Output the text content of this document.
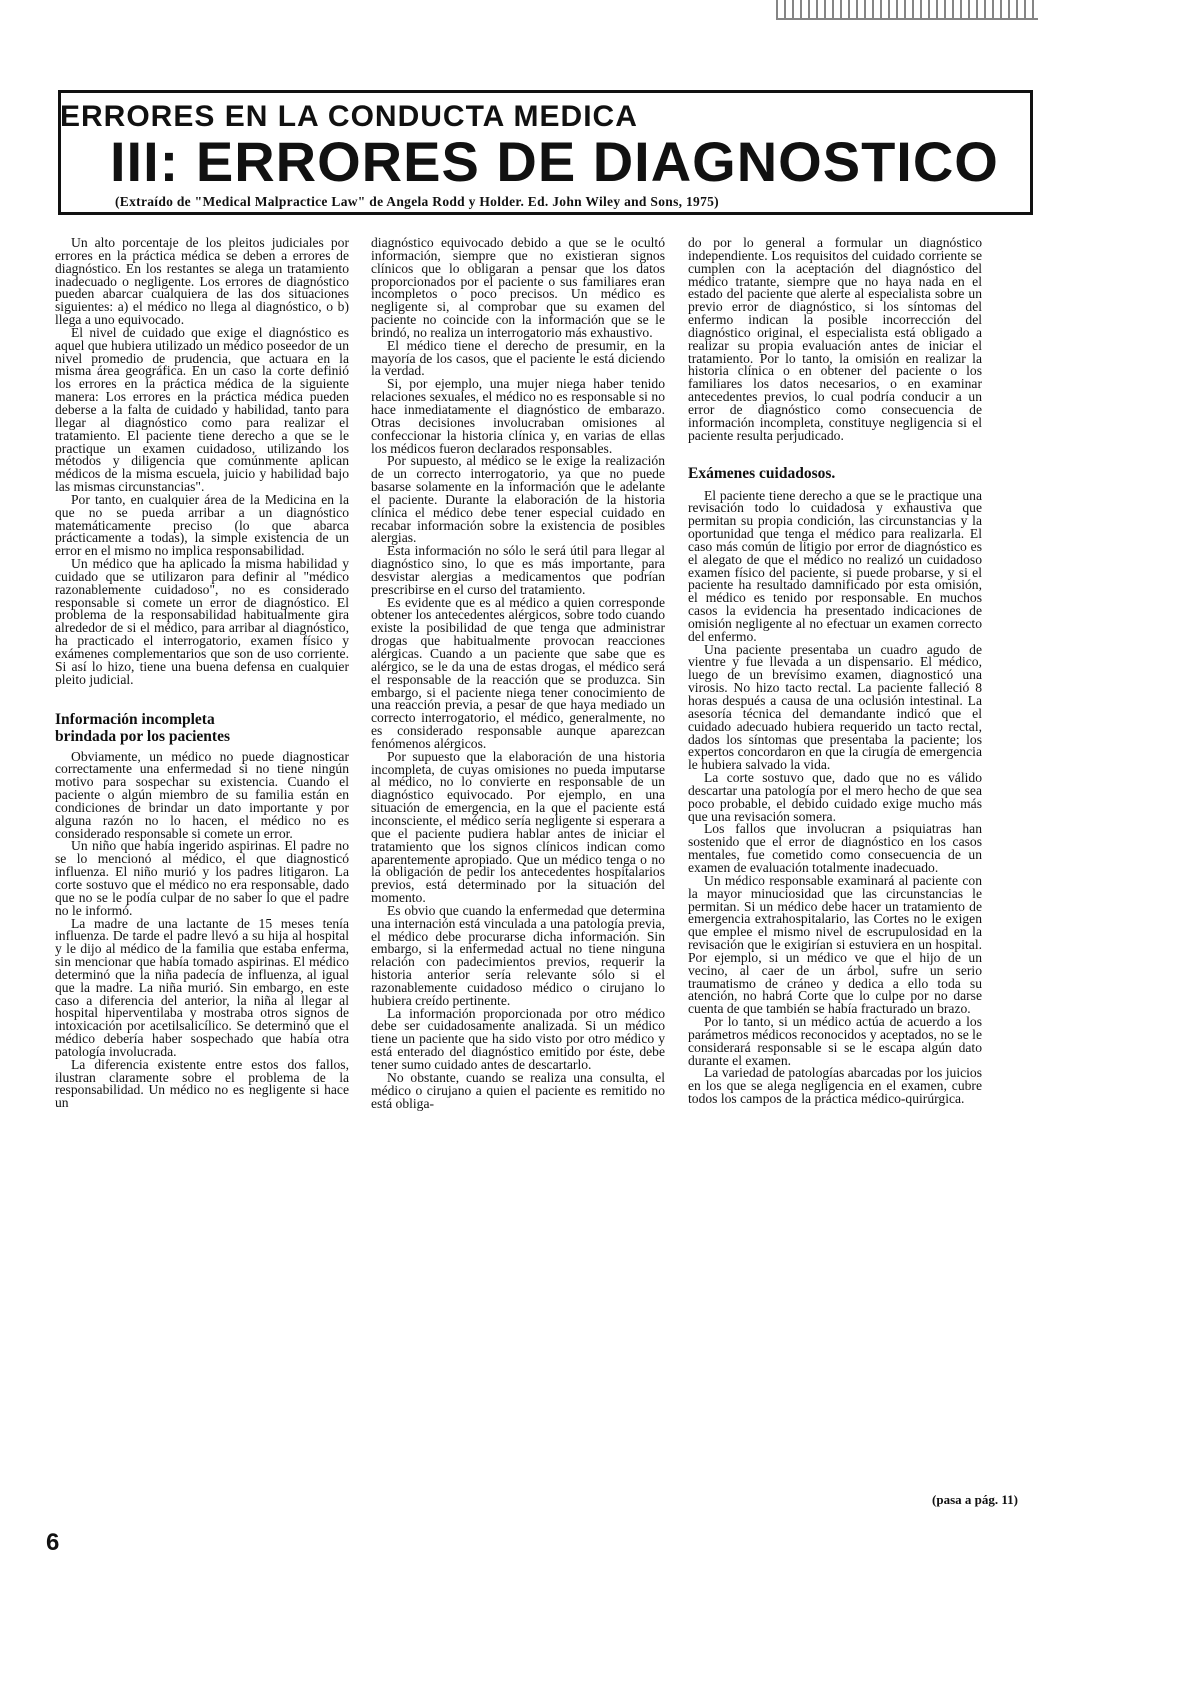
ERRORES EN LA CONDUCTA MEDICA
III: ERRORES DE DIAGNOSTICO
(Extraído de "Medical Malpractice Law" de Angela Rodd y Holder. Ed. John Wiley and Sons, 1975)

Un alto porcentaje de los pleitos judiciales por errores en la práctica médica se deben a errores de diagnóstico. En los restantes se alega un tratamiento inadecuado o negligente. Los errores de diagnóstico pueden abarcar cualquiera de las dos situaciones siguientes: a) el médico no llega al diagnóstico, o b) llega a uno equivocado.

El nivel de cuidado que exige el diagnóstico es aquel que hubiera utilizado un médico poseedor de un nivel promedio de prudencia, que actuara en la misma área geográfica. En un caso la corte definió los errores en la práctica médica de la siguiente manera: Los errores en la práctica médica pueden deberse a la falta de cuidado y habilidad, tanto para llegar al diagnóstico como para realizar el tratamiento. El paciente tiene derecho a que se le practique un examen cuidadoso, utilizando los métodos y diligencia que comúnmente aplican médicos de la misma escuela, juicio y habilidad bajo las mismas circunstancias".

Por tanto, en cualquier área de la Medicina en la que no se pueda arribar a un diagnóstico matemáticamente preciso (lo que abarca prácticamente a todas), la simple existencia de un error en el mismo no implica responsabilidad.

Un médico que ha aplicado la misma habilidad y cuidado que se utilizaron para definir al "médico razonablemente cuidadoso", no es considerado responsable si comete un error de diagnóstico. El problema de la responsabilidad habitualmente gira alrededor de si el médico, para arribar al diagnóstico, ha practicado el interrogatorio, examen físico y exámenes complementarios que son de uso corriente. Si así lo hizo, tiene una buena defensa en cualquier pleito judicial.

Información incompleta brindada por los pacientes

Obviamente, un médico no puede diagnosticar correctamente una enfermedad si no tiene ningún motivo para sospechar su existencia. Cuando el paciente o algún miembro de su familia están en condiciones de brindar un dato importante y por alguna razón no lo hacen, el médico no es considerado responsable si comete un error.

Un niño que había ingerido aspirinas. El padre no se lo mencionó al médico, el que diagnosticó influenza. El niño murió y los padres litigaron. La corte sostuvo que el médico no era responsable, dado que no se le podía culpar de no saber lo que el padre no le informó.

La madre de una lactante de 15 meses tenía influenza. De tarde el padre llevó a su hija al hospital y le dijo al médico de la familia que estaba enferma, sin mencionar que había tomado aspirinas. El médico determinó que la niña padecía de influenza, al igual que la madre. La niña murió. Sin embargo, en este caso a diferencia del anterior, la niña al llegar al hospital hiperventilaba y mostraba otros signos de intoxicación por acetilsalicílico. Se determinó que el médico debería haber sospechado que había otra patología involucrada.

La diferencia existente entre estos dos fallos, ilustran claramente sobre el problema de la responsabilidad. Un médico no es negligente si hace un

diagnóstico equivocado debido a que se le ocultó información, siempre que no existieran signos clínicos que lo obligaran a pensar que los datos proporcionados por el paciente o sus familiares eran incompletos o poco precisos. Un médico es negligente si, al comprobar que su examen del paciente no coincide con la información que se le brindó, no realiza un interrogatorio más exhaustivo.

El médico tiene el derecho de presumir, en la mayoría de los casos, que el paciente le está diciendo la verdad.

Si, por ejemplo, una mujer niega haber tenido relaciones sexuales, el médico no es responsable si no hace inmediatamente el diagnóstico de embarazo. Otras decisiones involucraban omisiones al confeccionar la historia clínica y, en varias de ellas los médicos fueron declarados responsables.

Por supuesto, al médico se le exige la realización de un correcto interrogatorio, ya que no puede basarse solamente en la información que le adelante el paciente. Durante la elaboración de la historia clínica el médico debe tener especial cuidado en recabar información sobre la existencia de posibles alergias.

Esta información no sólo le será útil para llegar al diagnóstico sino, lo que es más importante, para desvistar alergias a medicamentos que podrían prescribirse en el curso del tratamiento.

Es evidente que es al médico a quien corresponde obtener los antecedentes alérgicos, sobre todo cuando existe la posibilidad de que tenga que administrar drogas que habitualmente provocan reacciones alérgicas. Cuando a un paciente que sabe que es alérgico, se le da una de estas drogas, el médico será el responsable de la reacción que se produzca. Sin embargo, si el paciente niega tener conocimiento de una reacción previa, a pesar de que haya mediado un correcto interrogatorio, el médico, generalmente, no es considerado responsable aunque aparezcan fenómenos alérgicos.

Por supuesto que la elaboración de una historia incompleta, de cuyas omisiones no pueda imputarse al médico, no lo convierte en responsable de un diagnóstico equivocado. Por ejemplo, en una situación de emergencia, en la que el paciente está inconsciente, el médico sería negligente si esperara a que el paciente pudiera hablar antes de iniciar el tratamiento que los signos clínicos indican como aparentemente apropiado. Que un médico tenga o no la obligación de pedir los antecedentes hospitalarios previos, está determinado por la situación del momento.

Es obvio que cuando la enfermedad que determina una internación está vinculada a una patología previa, el médico debe procurarse dicha información. Sin embargo, si la enfermedad actual no tiene ninguna relación con padecimientos previos, requerir la historia anterior sería relevante sólo si el razonablemente cuidadoso médico o cirujano lo hubiera creído pertinente.

La información proporcionada por otro médico debe ser cuidadosamente analizada. Si un médico tiene un paciente que ha sido visto por otro médico y está enterado del diagnóstico emitido por éste, debe tener sumo cuidado antes de descartarlo.

No obstante, cuando se realiza una consulta, el médico o cirujano a quien el paciente es remitido no está obliga-

do por lo general a formular un diagnóstico independiente. Los requisitos del cuidado corriente se cumplen con la aceptación del diagnóstico del médico tratante, siempre que no haya nada en el estado del paciente que alerte al especialista sobre un previo error de diagnóstico, si los síntomas del enfermo indican la posible incorrección del diagnóstico original, el especialista está obligado a realizar su propia evaluación antes de iniciar el tratamiento. Por lo tanto, la omisión en realizar la historia clínica o en obtener del paciente o los familiares los datos necesarios, o en examinar antecedentes previos, lo cual podría conducir a un error de diagnóstico como consecuencia de información incompleta, constituye negligencia si el paciente resulta perjudicado.

Exámenes cuidadosos.

El paciente tiene derecho a que se le practique una revisación todo lo cuidadosa y exhaustiva que permitan su propia condición, las circunstancias y la oportunidad que tenga el médico para realizarla. El caso más común de litigio por error de diagnóstico es el alegato de que el médico no realizó un cuidadoso examen físico del paciente, si puede probarse, y si el paciente ha resultado damnificado por esta omisión, el médico es tenido por responsable. En muchos casos la evidencia ha presentado indicaciones de omisión negligente al no efectuar un examen correcto del enfermo.

Una paciente presentaba un cuadro agudo de vientre y fue llevada a un dispensario. El médico, luego de un brevísimo examen, diagnosticó una virosis. No hizo tacto rectal. La paciente falleció 8 horas después a causa de una oclusión intestinal. La asesoría técnica del demandante indicó que el cuidado adecuado hubiera requerido un tacto rectal, dados los síntomas que presentaba la paciente; los expertos concordaron en que la cirugía de emergencia le hubiera salvado la vida.

La corte sostuvo que, dado que no es válido descartar una patología por el mero hecho de que sea poco probable, el debido cuidado exige mucho más que una revisación somera.

Los fallos que involucran a psiquiatras han sostenido que el error de diagnóstico en los casos mentales, fue cometido como consecuencia de un examen de evaluación totalmente inadecuado.

Un médico responsable examinará al paciente con la mayor minuciosidad que las circunstancias le permitan. Si un médico debe hacer un tratamiento de emergencia extrahospitalario, las Cortes no le exigen que emplee el mismo nivel de escrupulosidad en la revisación que le exigirían si estuviera en un hospital. Por ejemplo, si un médico ve que el hijo de un vecino, al caer de un árbol, sufre un serio traumatismo de cráneo y dedica a ello toda su atención, no habrá Corte que lo culpe por no darse cuenta de que también se había fracturado un brazo.

Por lo tanto, si un médico actúa de acuerdo a los parámetros médicos reconocidos y aceptados, no se le considerará responsable si se le escapa algún dato durante el examen.

La variedad de patologías abarcadas por los juicios en los que se alega negligencia en el examen, cubre todos los campos de la práctica médico-quirúrgica.

(pasa a pág. 11)
6
